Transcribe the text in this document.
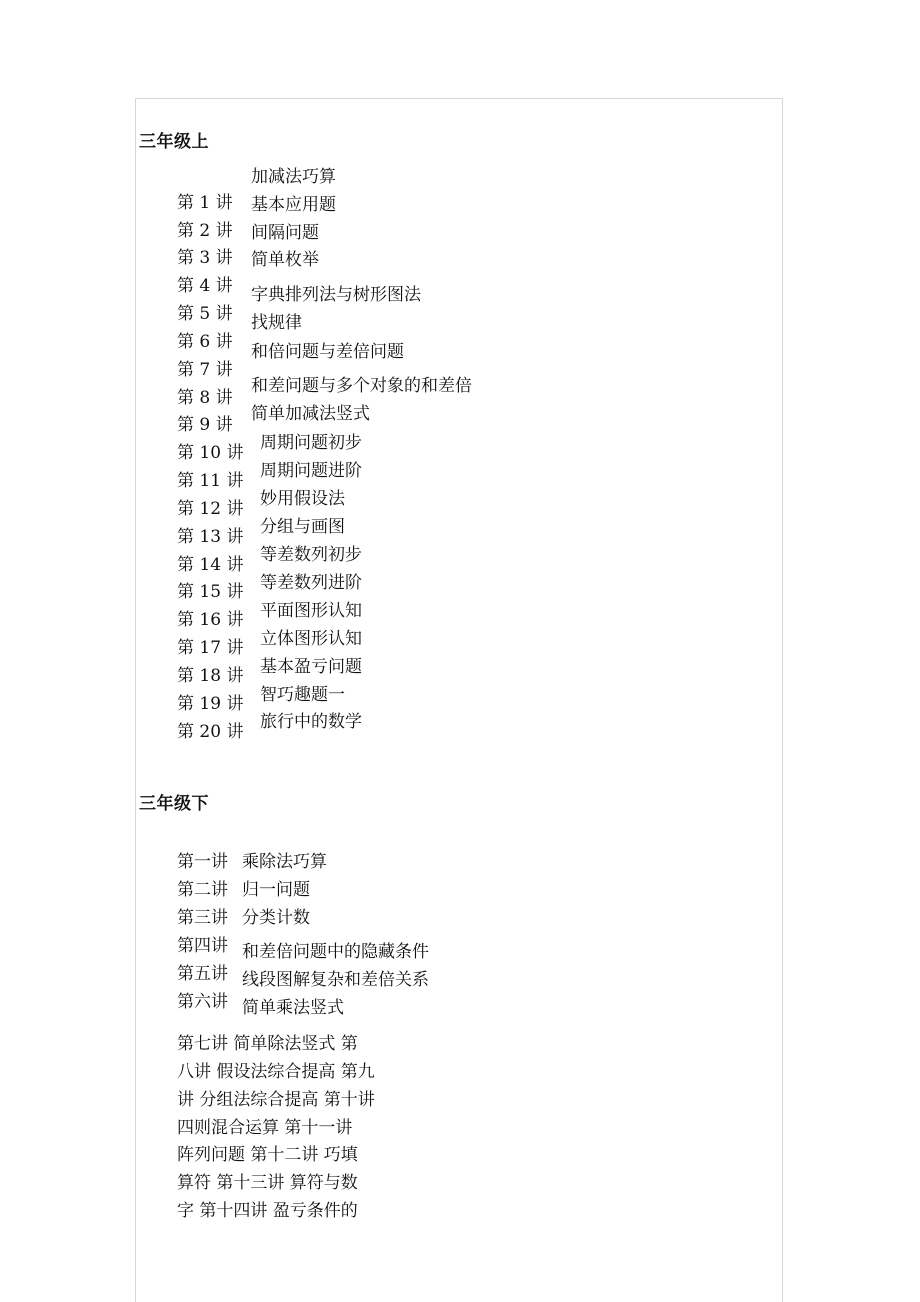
三年级上
加减法巧算
第 1 讲 基本应用题
第 2 讲 间隔问题
第 3 讲 简单枚举
第 4 讲 字典排列法与树形图法
第 5 讲 找规律
第 6 讲 和倍问题与差倍问题
第 7 讲
和差问题与多个对象的和差倍
第 8 讲
简单加减法竖式
第 9 讲
周期问题初步
第 10 讲
周期问题进阶
第 11 讲
妙用假设法
第 12 讲
分组与画图
第 13 讲
等差数列初步
第 14 讲
等差数列进阶
第 15 讲
平面图形认知
第 16 讲
立体图形认知
第 17 讲
基本盈亏问题
第 18 讲
智巧趣题一
第 19 讲
旅行中的数学
第 20 讲
三年级下
第一讲 乘除法巧算
第二讲 归一问题
第三讲 分类计数
第四讲 和差倍问题中的隐藏条件
第五讲 线段图解复杂和差倍关系
第六讲 简单乘法竖式
第七讲 简单除法竖式 第
八讲 假设法综合提高 第九
讲 分组法综合提高 第十讲
四则混合运算 第十一讲
阵列问题 第十二讲 巧填
算符 第十三讲 算符与数
字 第十四讲 盈亏条件的
